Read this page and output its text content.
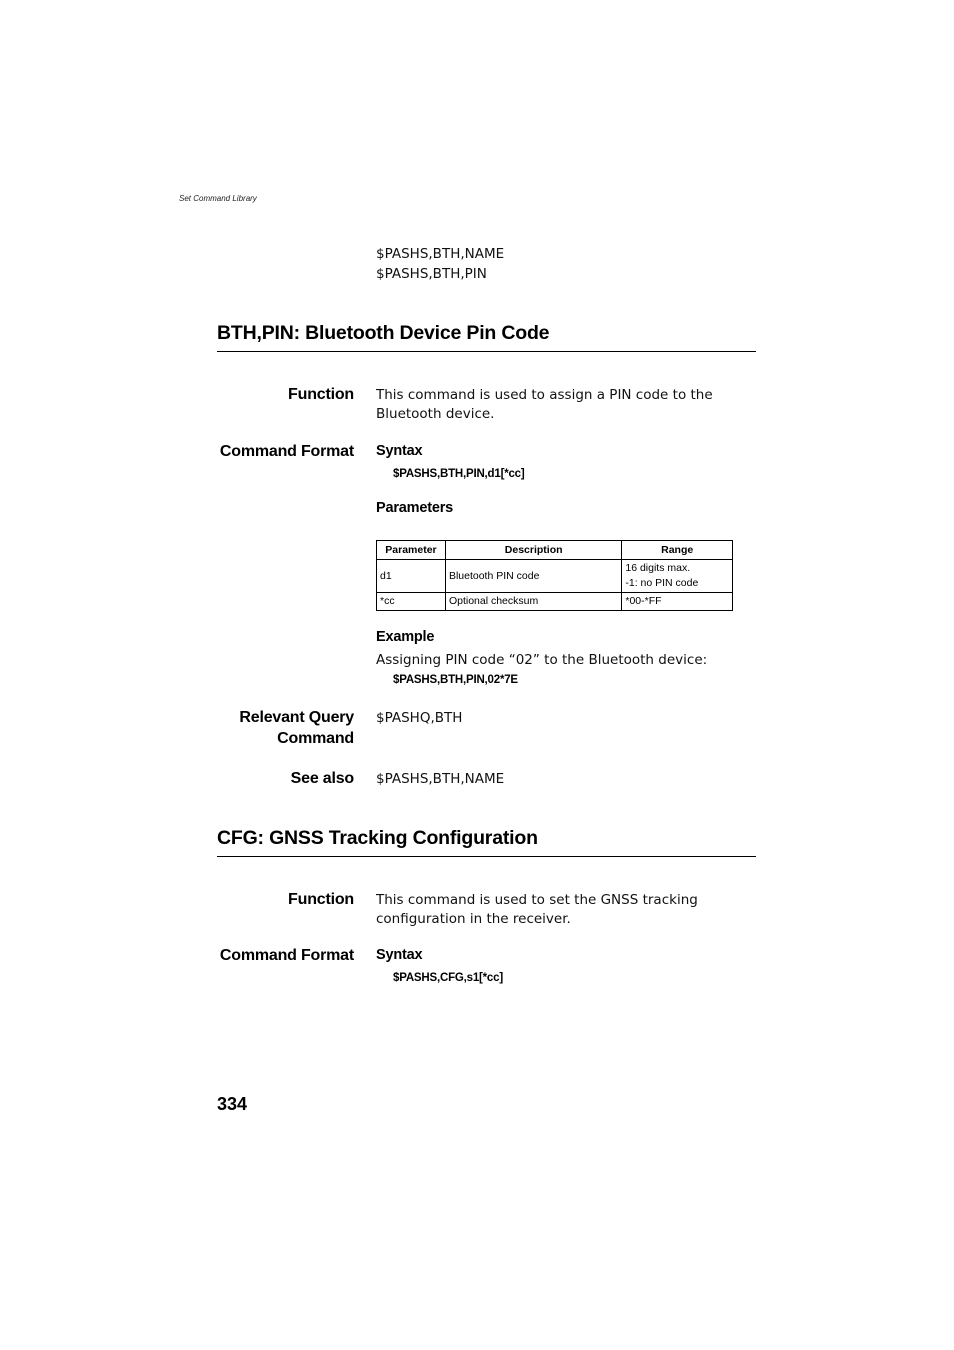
Set Command Library
$PASHS,BTH,NAME
$PASHS,BTH,PIN
BTH,PIN: Bluetooth Device Pin Code
Function This command is used to assign a PIN code to the Bluetooth device.
Command Format Syntax
$PASHS,BTH,PIN,d1[*cc]
Parameters
Parameter	Description	Range
d1	Bluetooth PIN code	16 digits max.
-1: no PIN code

*cc	Optional checksum	*00-*FF
Example
Assigning PIN code “02” to the Bluetooth device:
$PASHS,BTH,PIN,02*7E
Relevant Query
Command
$PASHQ,BTH
See also $PASHS,BTH,NAME
CFG: GNSS Tracking Configuration
Function This command is used to set the GNSS tracking configuration in the receiver.
Command Format Syntax
$PASHS,CFG,s1[*cc]
334
